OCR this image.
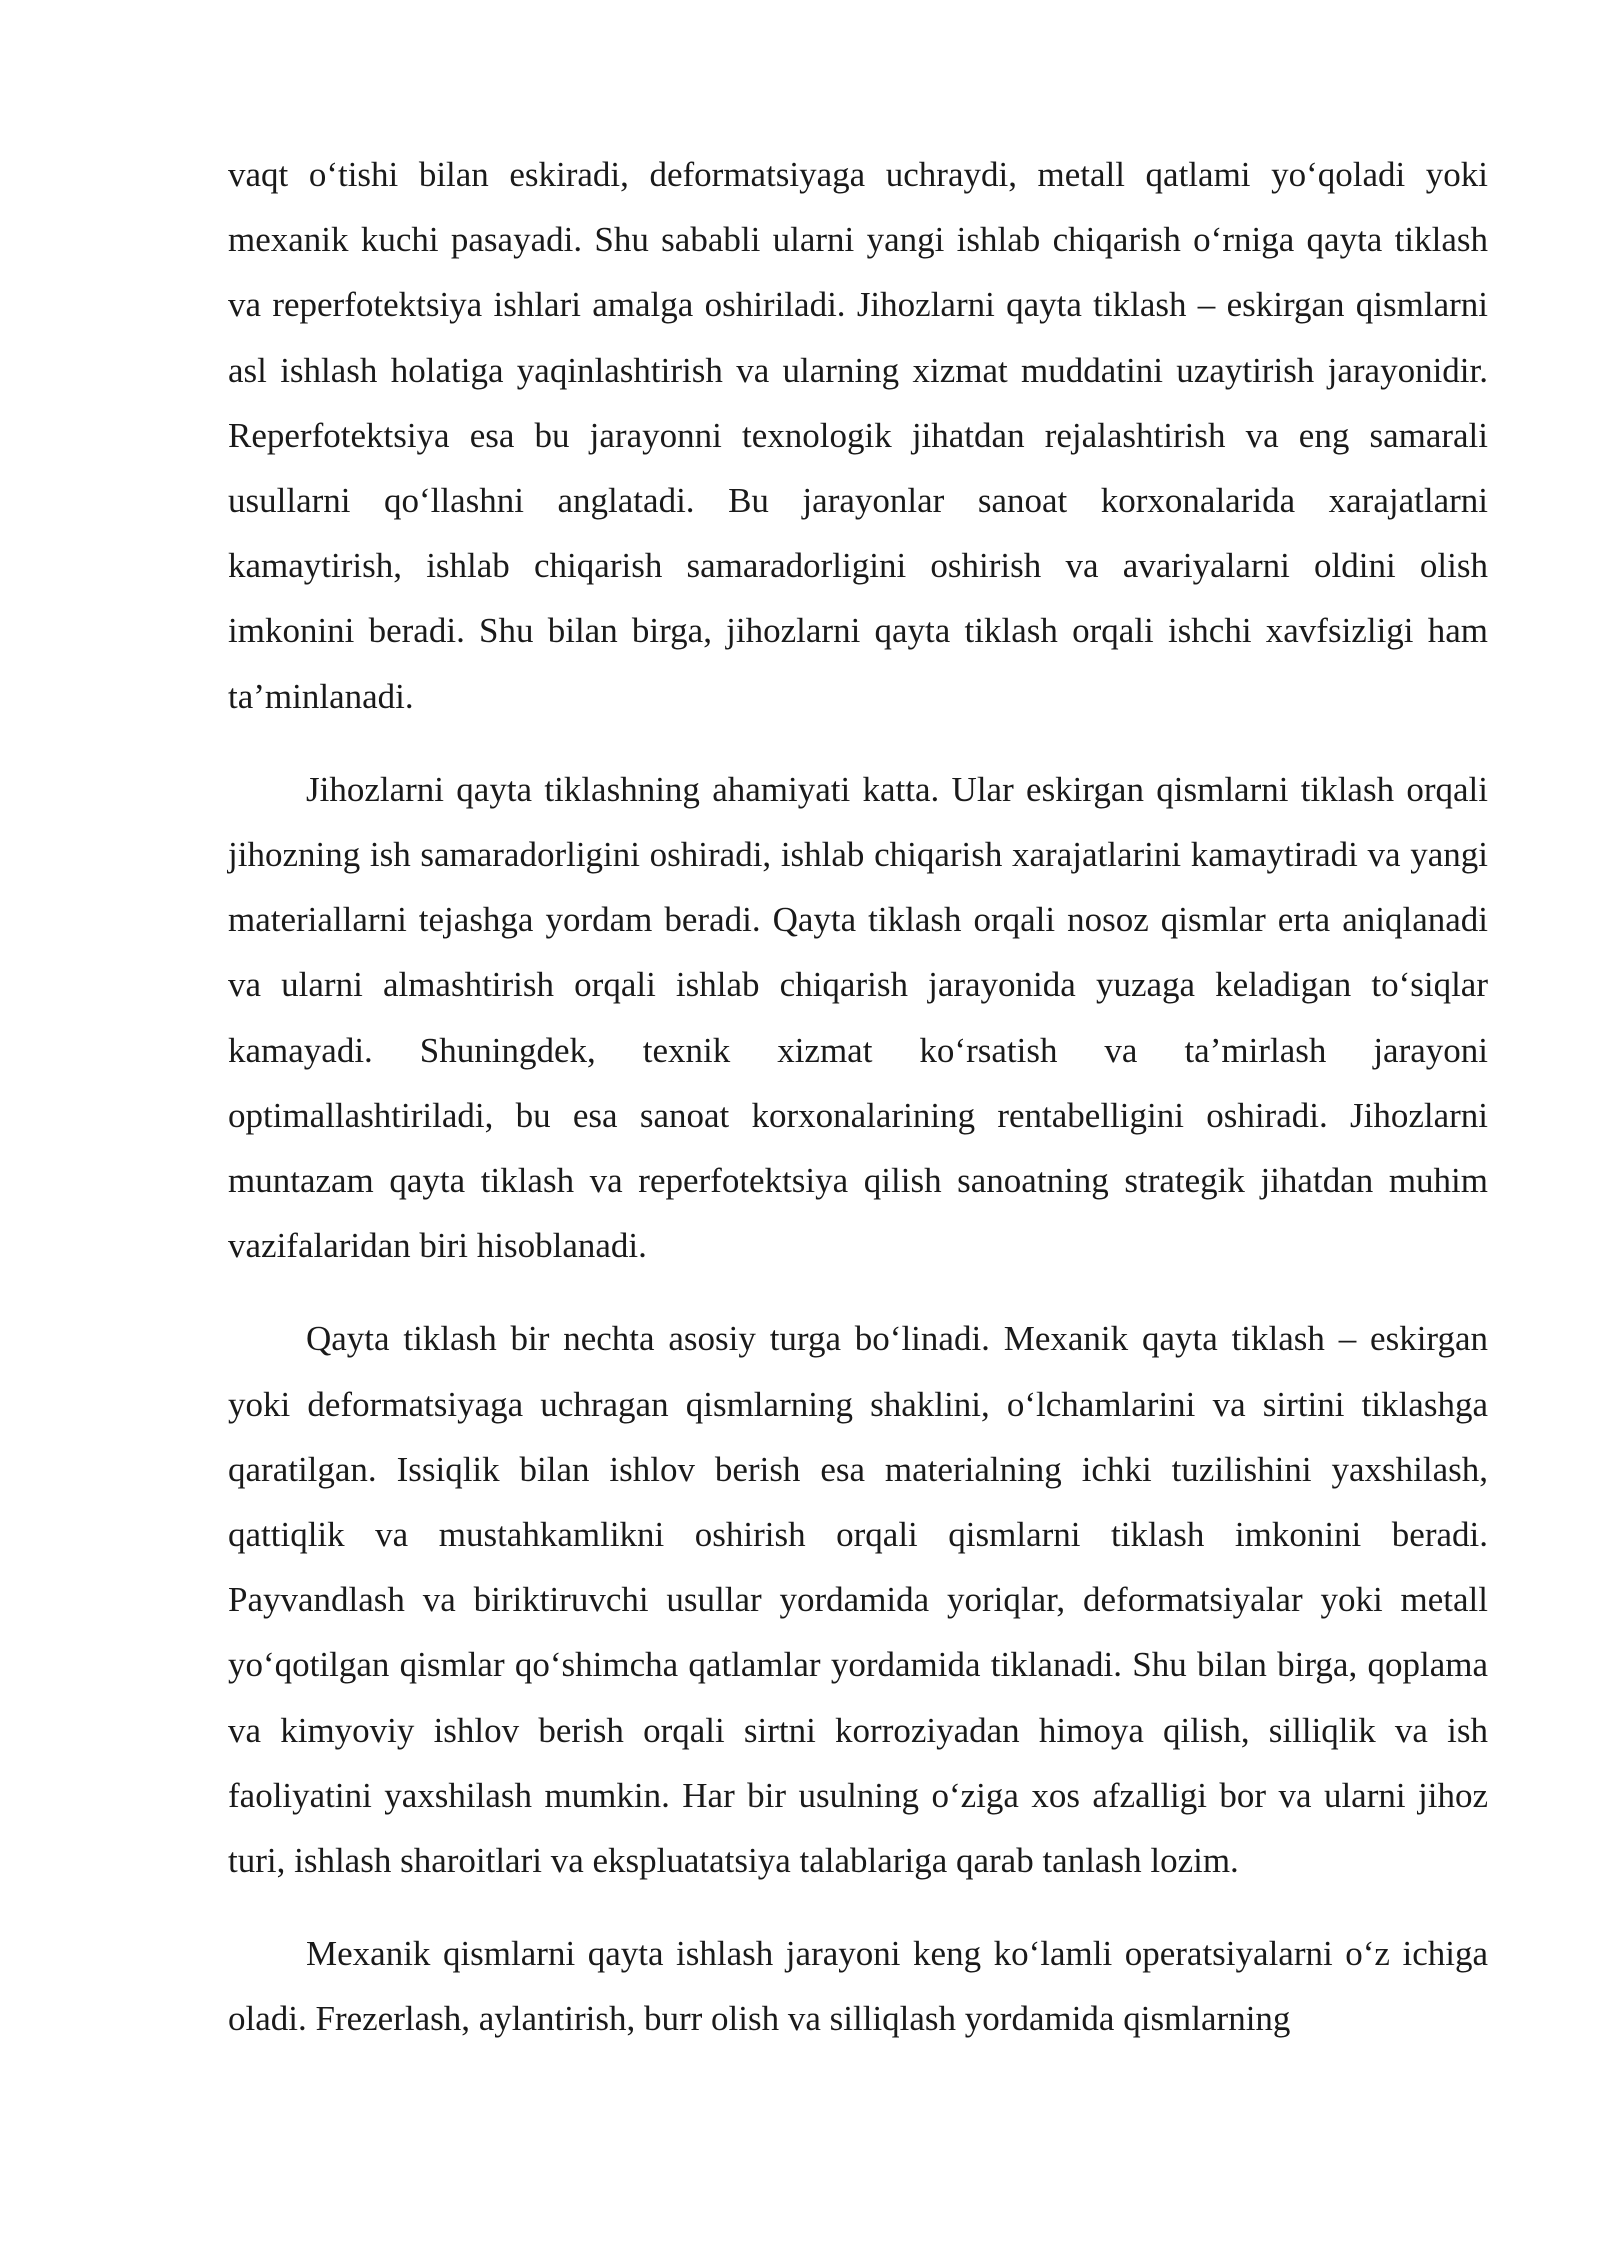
vaqt o‘tishi bilan eskiradi, deformatsiyaga uchraydi, metall qatlami yo‘qoladi yoki mexanik kuchi pasayadi. Shu sababli ularni yangi ishlab chiqarish o‘rniga qayta tiklash va reperfotektsiya ishlari amalga oshiriladi. Jihozlarni qayta tiklash – eskirgan qismlarni asl ishlash holatiga yaqinlashtirish va ularning xizmat muddatini uzaytirish jarayonidir. Reperfotektsiya esa bu jarayonni texnologik jihatdan rejalashtirish va eng samarali usullarni qo‘llashni anglatadi. Bu jarayonlar sanoat korxonalarida xarajatlarni kamaytirish, ishlab chiqarish samaradorligini oshirish va avariyalarni oldini olish imkonini beradi. Shu bilan birga, jihozlarni qayta tiklash orqali ishchi xavfsizligi ham ta’minlanadi.

Jihozlarni qayta tiklashning ahamiyati katta. Ular eskirgan qismlarni tiklash orqali jihozning ish samaradorligini oshiradi, ishlab chiqarish xarajatlarini kamaytiradi va yangi materiallarni tejashga yordam beradi. Qayta tiklash orqali nosoz qismlar erta aniqlanadi va ularni almashtirish orqali ishlab chiqarish jarayonida yuzaga keladigan to‘siqlar kamayadi. Shuningdek, texnik xizmat ko‘rsatish va ta’mirlash jarayoni optimallashtiriladi, bu esa sanoat korxonalarining rentabelligini oshiradi. Jihozlarni muntazam qayta tiklash va reperfotektsiya qilish sanoatning strategik jihatdan muhim vazifalaridan biri hisoblanadi.

Qayta tiklash bir nechta asosiy turga bo‘linadi. Mexanik qayta tiklash – eskirgan yoki deformatsiyaga uchragan qismlarning shaklini, o‘lchamlarini va sirtini tiklashga qaratilgan. Issiqlik bilan ishlov berish esa materialning ichki tuzilishini yaxshilash, qattiqlik va mustahkamlikni oshirish orqali qismlarni tiklash imkonini beradi. Payvandlash va biriktiruvchi usullar yordamida yoriqlar, deformatsiyalar yoki metall yo‘qotilgan qismlar qo‘shimcha qatlamlar yordamida tiklanadi. Shu bilan birga, qoplama va kimyoviy ishlov berish orqali sirtni korroziyadan himoya qilish, silliqlik va ish faoliyatini yaxshilash mumkin. Har bir usulning o‘ziga xos afzalligi bor va ularni jihoz turi, ishlash sharoitlari va ekspluatatsiya talablariga qarab tanlash lozim.

Mexanik qismlarni qayta ishlash jarayoni keng ko‘lamli operatsiyalarni o‘z ichiga oladi. Frezerlash, aylantirish, burr olish va silliqlash yordamida qismlarning
